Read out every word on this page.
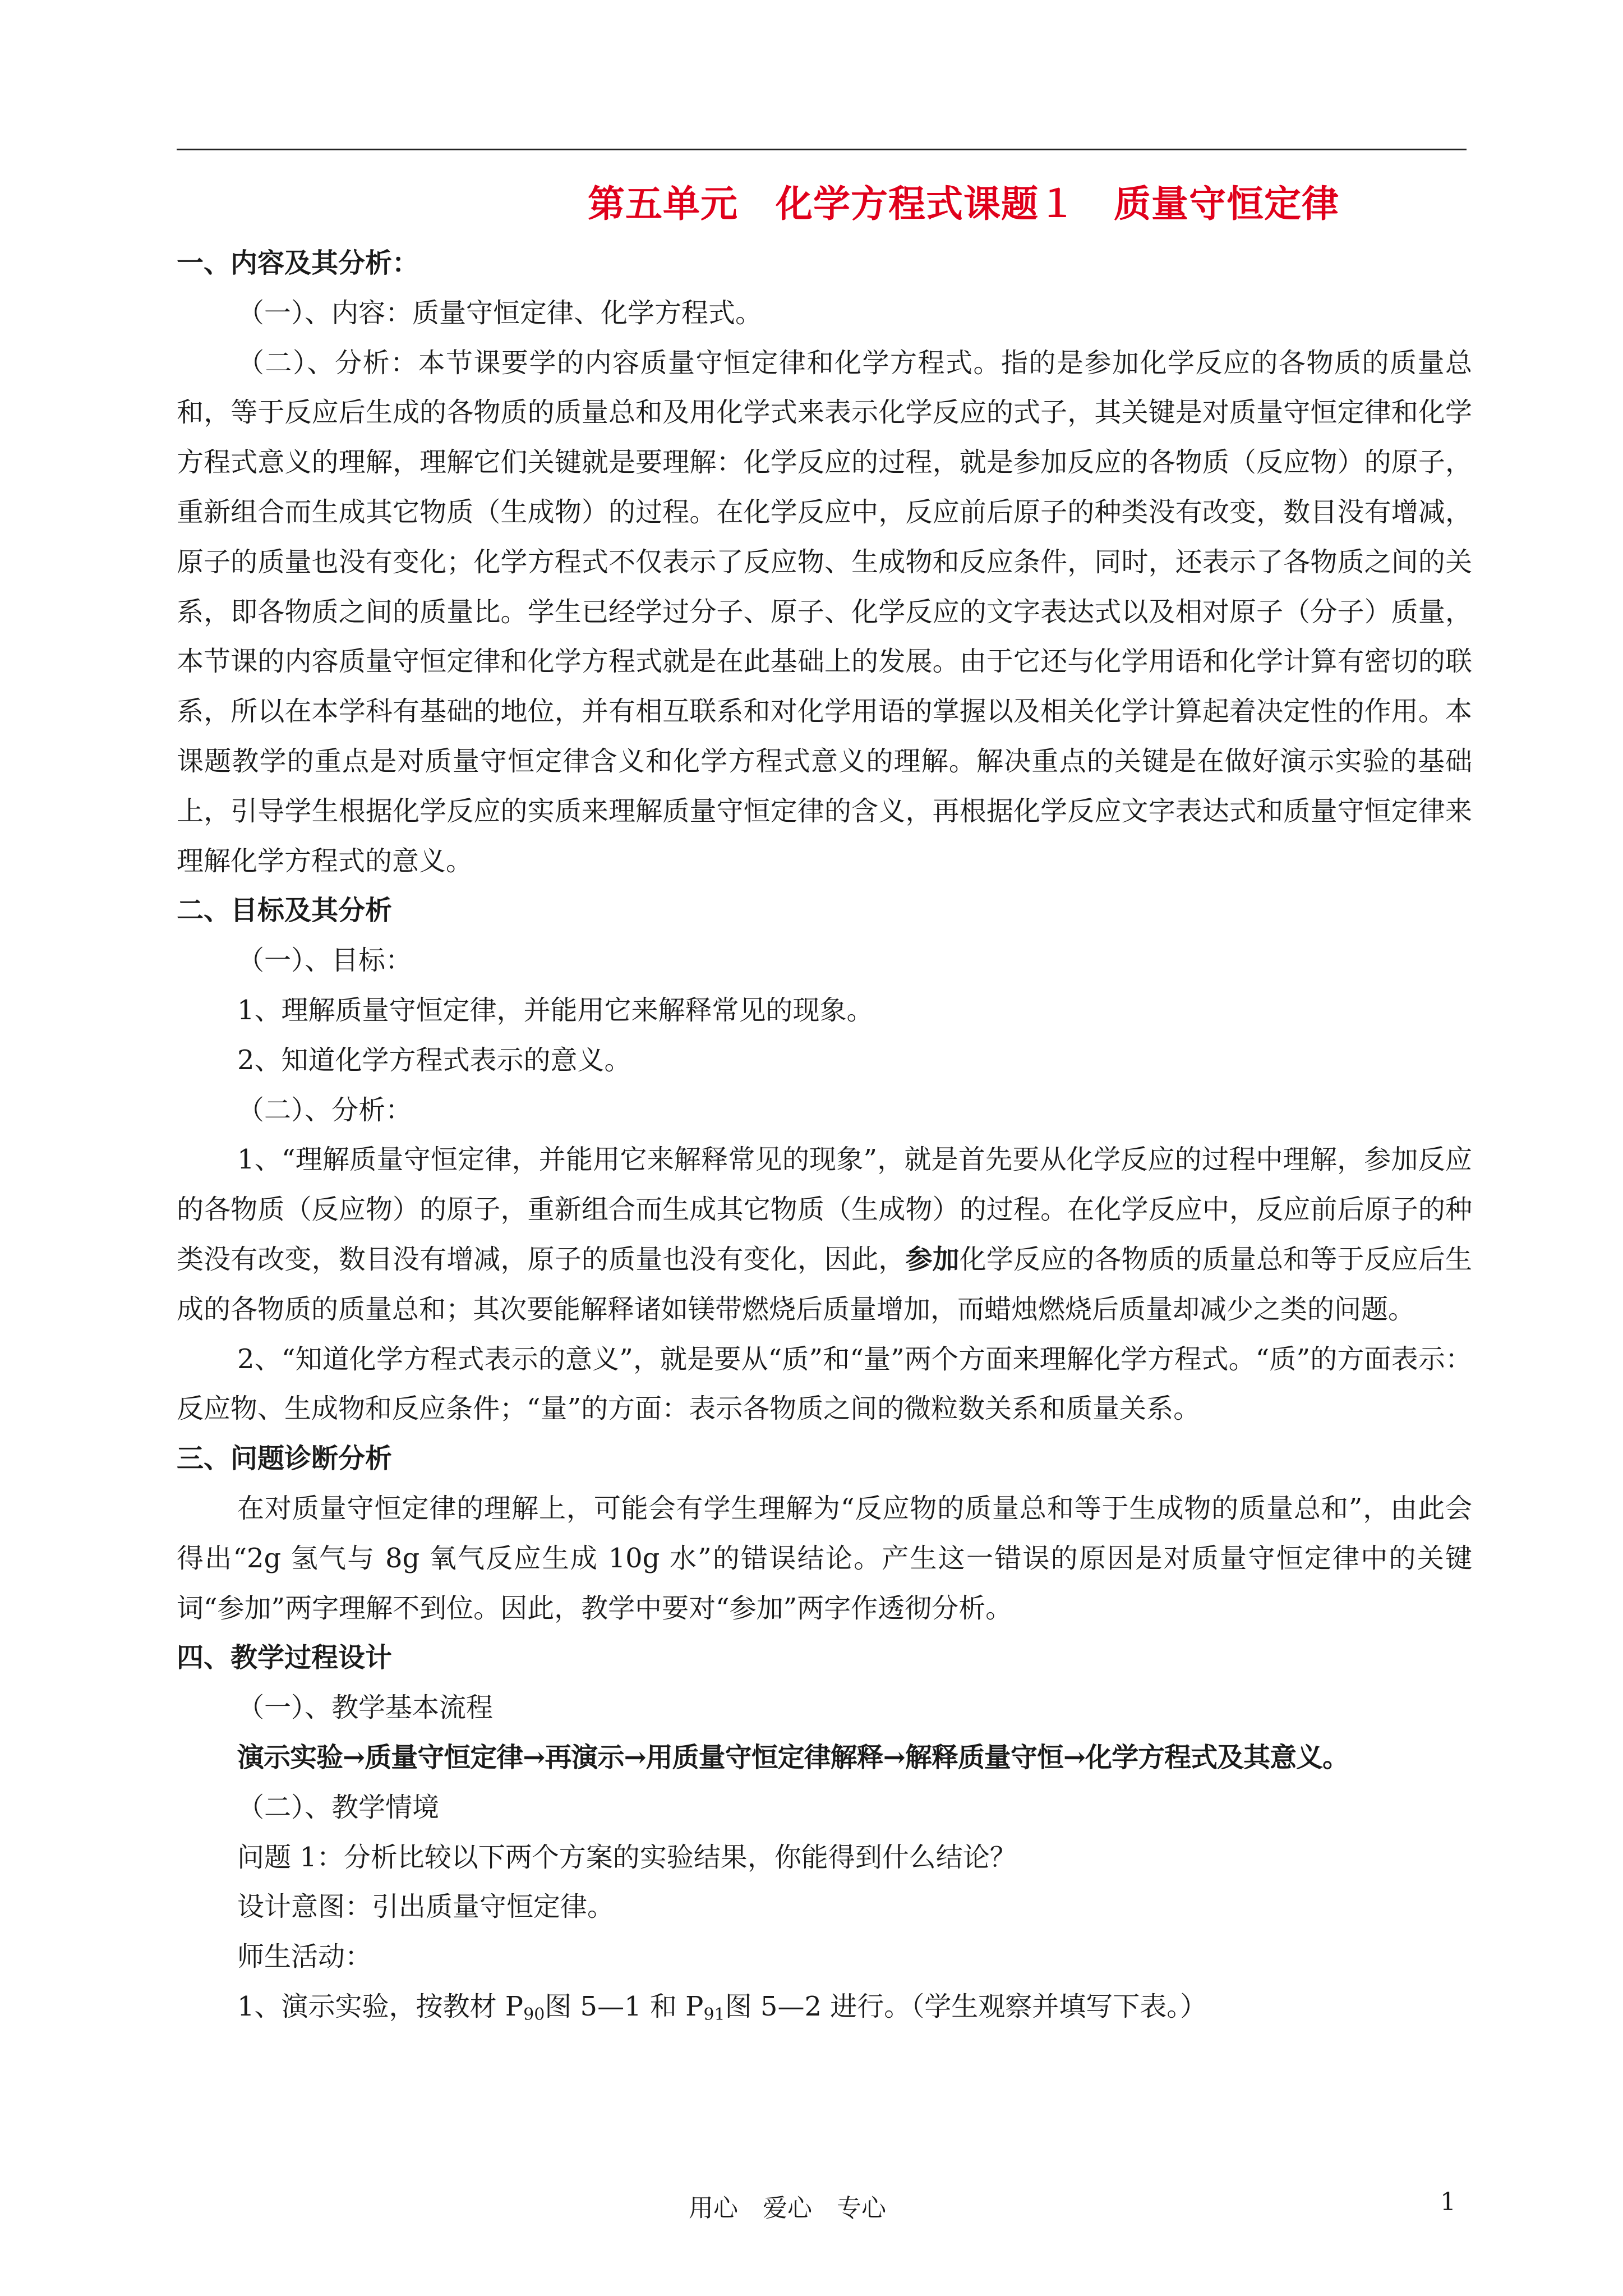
第五单元　化学方程式课题１　质量守恒定律

一、内容及其分析：

（一）、内容：质量守恒定律、化学方程式。

（二）、分析：本节课要学的内容质量守恒定律和化学方程式。指的是参加化学反应的各物质的质量总和，等于反应后生成的各物质的质量总和及用化学式来表示化学反应的式子，其关键是对质量守恒定律和化学方程式意义的理解，理解它们关键就是要理解：化学反应的过程，就是参加反应的各物质（反应物）的原子，重新组合而生成其它物质（生成物）的过程。在化学反应中，反应前后原子的种类没有改变，数目没有增减，原子的质量也没有变化；化学方程式不仅表示了反应物、生成物和反应条件，同时，还表示了各物质之间的关系，即各物质之间的质量比。学生已经学过分子、原子、化学反应的文字表达式以及相对原子（分子）质量，本节课的内容质量守恒定律和化学方程式就是在此基础上的发展。由于它还与化学用语和化学计算有密切的联系，所以在本学科有基础的地位，并有相互联系和对化学用语的掌握以及相关化学计算起着决定性的作用。本课题教学的重点是对质量守恒定律含义和化学方程式意义的理解。解决重点的关键是在做好演示实验的基础上，引导学生根据化学反应的实质来理解质量守恒定律的含义，再根据化学反应文字表达式和质量守恒定律来理解化学方程式的意义。

二、目标及其分析

（一）、目标：

1、理解质量守恒定律，并能用它来解释常见的现象。

2、知道化学方程式表示的意义。

（二）、分析：

1、“理解质量守恒定律，并能用它来解释常见的现象”，就是首先要从化学反应的过程中理解，参加反应的各物质（反应物）的原子，重新组合而生成其它物质（生成物）的过程。在化学反应中，反应前后原子的种类没有改变，数目没有增减，原子的质量也没有变化，因此，参加化学反应的各物质的质量总和等于反应后生成的各物质的质量总和；其次要能解释诸如镁带燃烧后质量增加，而蜡烛燃烧后质量却减少之类的问题。

2、“知道化学方程式表示的意义”，就是要从“质”和“量”两个方面来理解化学方程式。“质”的方面表示：反应物、生成物和反应条件；“量”的方面：表示各物质之间的微粒数关系和质量关系。

三、问题诊断分析

在对质量守恒定律的理解上，可能会有学生理解为“反应物的质量总和等于生成物的质量总和”，由此会得出“2g 氢气与 8g 氧气反应生成 10g 水”的错误结论。产生这一错误的原因是对质量守恒定律中的关键词“参加”两字理解不到位。因此，教学中要对“参加”两字作透彻分析。

四、教学过程设计

（一）、教学基本流程

演示实验→质量守恒定律→再演示→用质量守恒定律解释→解释质量守恒→化学方程式及其意义。

（二）、教学情境

问题 1：分析比较以下两个方案的实验结果，你能得到什么结论？

设计意图：引出质量守恒定律。

师生活动：

1、演示实验，按教材 $P_{90}$图 5—1 和 $P_{91}$图 5—2 进行。（学生观察并填写下表。）

用心　爱心　专心	1
